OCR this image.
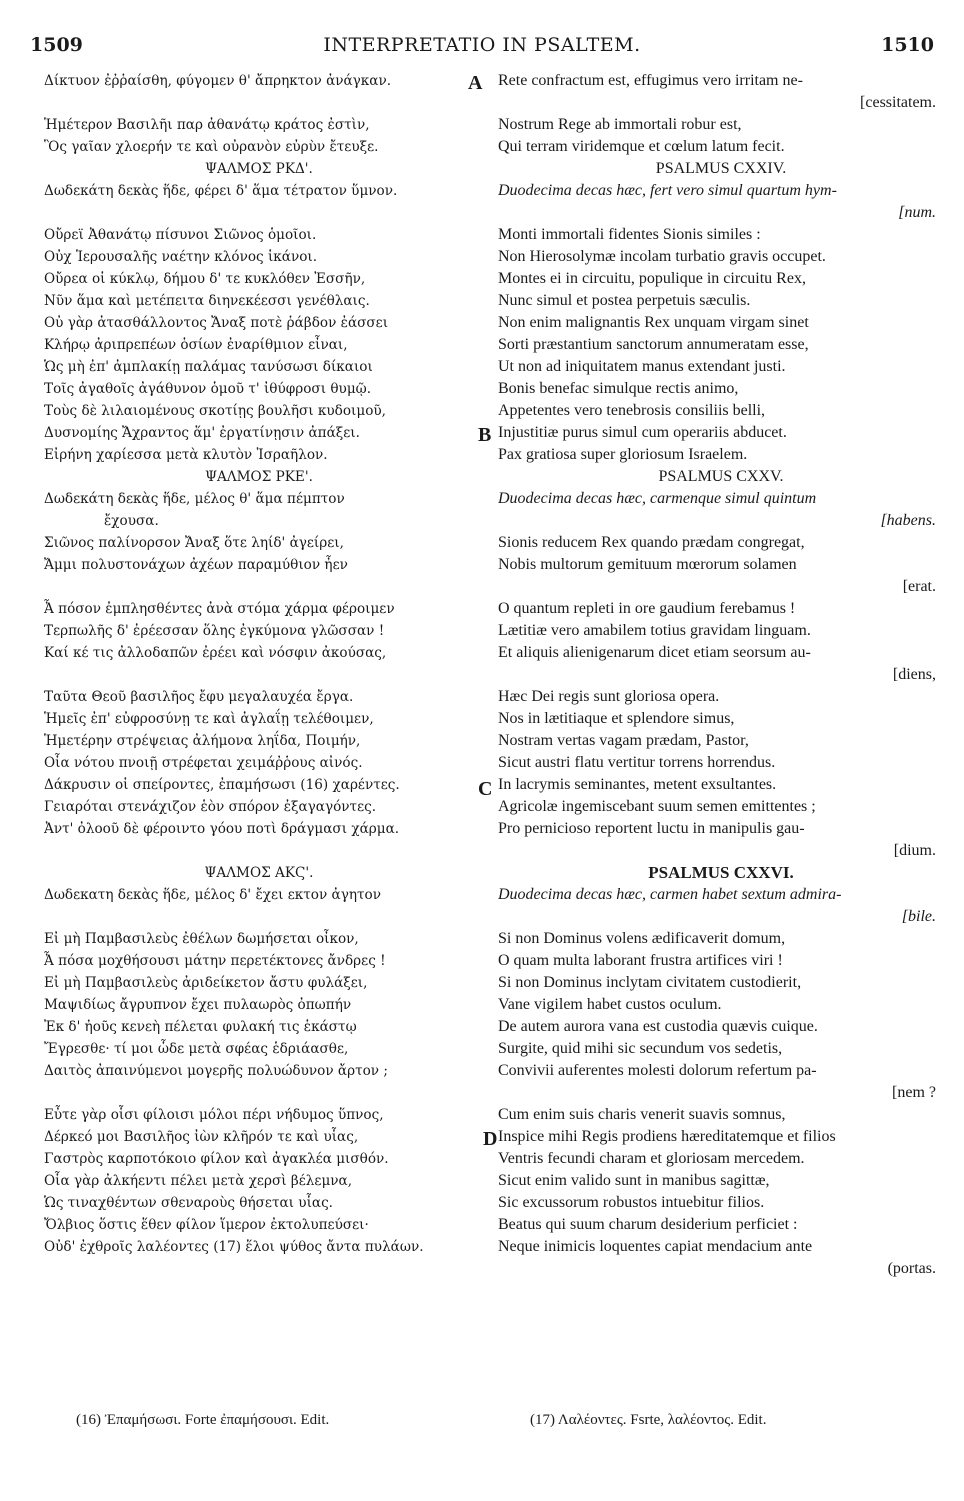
1509	INTERPRETATIO IN PSALTEM.	1510
Δίκτυον ἐῤῥαίσθη, φύγομεν θ' ἄπρηκτον ἀνάγκαν.
Ἡμέτερον Βασιλῆι παρ ἀθανάτῳ κράτος ἐστὶν,
Ὃς γαῖαν χλοερήν τε καὶ οὐρανὸν εὐρὺν ἔτευξε.
ΨΑΛΜΟΣ ΡΚΔ'.
Δωδεκάτη δεκὰς ἥδε, φέρει δ' ἅμα τέτρατον ὕμνον.
Οὔρεϊ Ἀθανάτῳ πίσυνοι Σιῶνος ὁμοῖοι.
Οὐχ Ἱερουσαλῆς ναέτην κλόνος ἱκάνοι.
Οὔρεα οἱ κύκλῳ, δήμου δ' τε κυκλόθεν Ἐσσῆν,
Νῦν ἅμα καὶ μετέπειτα διηνεκέεσσι γενέθλαις.
Οὐ γὰρ ἀτασθάλλοντος Ἄναξ ποτὲ ῥάβδον ἐάσσει
Κλήρῳ ἀριπρεπέων ὁσίων ἐναρίθμιον εἶναι,
Ὡς μὴ ἐπ' ἀμπλακίῃ παλάμας τανύσωσι δίκαιοι
Τοῖς ἀγαθοῖς ἀγάθυνον ὁμοῦ τ' ἰθύφροσι θυμῷ.
Τοὺς δὲ λιλαιομένους σκοτίῃς βουλῆσι κυδοιμοῦ,
Δυσνομίης Ἄχραντος ἅμ' ἐργατίνῃσιν ἀπάξει.
Εἰρήνη χαρίεσσα μετὰ κλυτὸν Ἰσραῆλον.
ΨΑΛΜΟΣ ΡΚΕ'.
Δωδεκάτη δεκὰς ἥδε, μέλος θ' ἅμα πέμπτον
ἔχουσα.
Σιῶνος παλίνορσον Ἄναξ ὅτε ληίδ' ἀγείρει,
Ἄμμι πολυστονάχων ἀχέων παραμύθιον ἦεν
Ἆ πόσον ἐμπλησθέντες ἀνὰ στόμα χάρμα φέροιμεν
Τερπωλῆς δ' ἐρέεσσαν ὅλης ἐγκύμονα γλῶσσαν !
Καί κέ τις ἀλλοδαπῶν ἐρέει καὶ νόσφιν ἀκούσας,
Ταῦτα Θεοῦ βασιλῆος ἔφυ μεγαλαυχέα ἔργα.
Ἡμεῖς ἐπ' εὐφροσύνῃ τε καὶ ἀγλαΐῃ τελέθοιμεν,
Ἡμετέρην στρέψειας ἀλήμονα ληΐδα, Ποιμήν,
Οἷα νότου πνοιῇ στρέφεται χειμάῤῥους αἰνός.
Δάκρυσιν οἱ σπείροντες, ἐπαμήσωσι (16) χαρέντες.
Γειαρόται στενάχιζον ἑὸν σπόρον ἐξαγαγόντες.
Ἀντ' ὀλοοῦ δὲ φέροιντο γόου ποτὶ δράγμασι χάρμα.
ΨΑΛΜΟΣ ΑΚϚ'.
Δωδεκατη δεκὰς ἥδε, μέλος δ' ἔχει εκτον ἀγητον
Εἰ μὴ Παμβασιλεὺς ἐθέλων δωμήσεται οἶκον,
Ἆ πόσα μοχθήσουσι μάτην περετέκτονες ἄνδρες !
Εἰ μὴ Παμβασιλεὺς ἀριδείκετον ἄστυ φυλάξει,
Μαψιδίως ἄγρυπνον ἔχει πυλαωρὸς ὀπωπήν
Ἐκ δ' ἠοῦς κενεὴ πέλεται φυλακή τις ἑκάστῳ
Ἔγρεσθε· τί μοι ὧδε μετὰ σφέας ἑδριάασθε,
Δαιτὸς ἀπαινύμενοι μογερῆς πολυώδυνον ἄρτον ;
Εὖτε γὰρ οἷσι φίλοισι μόλοι πέρι νήδυμος ὕπνος,
Δέρκεό μοι Βασιλῆος ἰὼν κλῆρόν τε καὶ υἷας,
Γαστρὸς καρποτόκοιο φίλον καὶ ἀγακλέα μισθόν.
Οἷα γὰρ ἀλκήεντι πέλει μετὰ χερσὶ βέλεμνα,
Ὡς τιναχθέντων σθεναροὺς θήσεται υἷας.
Ὄλβιος ὅστις ἕθεν φίλον ἵμερον ἐκτολυπεύσει·
Οὐδ' ἐχθροῖς λαλέοντες (17) ἕλοι ψύθος ἄντα πυλάων.
Rete confractum est, effugimus vero irritam ne-
[cessitatem.
Nostrum Rege ab immortali robur est,
Qui terram viridemque et cœlum latum fecit.
PSALMUS CXXIV.
Duodecima decas hæc, fert vero simul quartum hym-
[num.
Monti immortali fidentes Sionis similes :
Non Hierosolymæ incolam turbatio gravis occupet.
Montes ei in circuitu, populique in circuitu Rex,
Nunc simul et postea perpetuis sæculis.
Non enim malignantis Rex unquam virgam sinet
Sorti præstantium sanctorum annumeratam esse,
Ut non ad iniquitatem manus extendant justi.
Bonis benefac simulque rectis animo,
Appetentes vero tenebrosis consiliis belli,
Injustitiæ purus simul cum operariis abducet.
Pax gratiosa super gloriosum Israelem.
PSALMUS CXXV.
Duodecima decas hæc, carmenque simul quintum
[habens.
Sionis reducem Rex quando prædam congregat,
Nobis multorum gemituum mœrorum solamen
[erat.
O quantum repleti in ore gaudium ferebamus !
Lætitiæ vero amabilem totius gravidam linguam.
Et aliquis alienigenarum dicet etiam seorsum au-
[diens,
Hæc Dei regis sunt gloriosa opera.
Nos in lætitiaque et splendore simus,
Nostram vertas vagam prædam, Pastor,
Sicut austri flatu vertitur torrens horrendus.
In lacrymis seminantes, metent exsultantes.
Agricolæ ingemiscebant suum semen emittentes ;
Pro pernicioso reportent luctu in manipulis gau-
[dium.
PSALMUS CXXVI.
Duodecima decas hæc, carmen habet sextum admira-
[bile.
Si non Dominus volens ædificaverit domum,
O quam multa laborant frustra artifices viri !
Si non Dominus inclytam civitatem custodierit,
Vane vigilem habet custos oculum.
De autem aurora vana est custodia quævis cuique.
Surgite, quid mihi sic secundum vos sedetis,
Convivii auferentes molesti dolorum refertum pa-
[nem ?
Cum enim suis charis venerit suavis somnus,
Inspice mihi Regis prodiens hæreditatemque et filios
Ventris fecundi charam et gloriosam mercedem.
Sicut enim valido sunt in manibus sagittæ,
Sic excussorum robustos intuebitur filios.
Beatus qui suum charum desiderium perficiet :
Neque inimicis loquentes capiat mendacium ante
(portas.
A
B
C
D
(16) Ἐπαμήσωσι. Forte ἐπαμήσουσι. Edit.	(17) Λαλέοντες. Fsrte, λαλέοντος. Edit.
